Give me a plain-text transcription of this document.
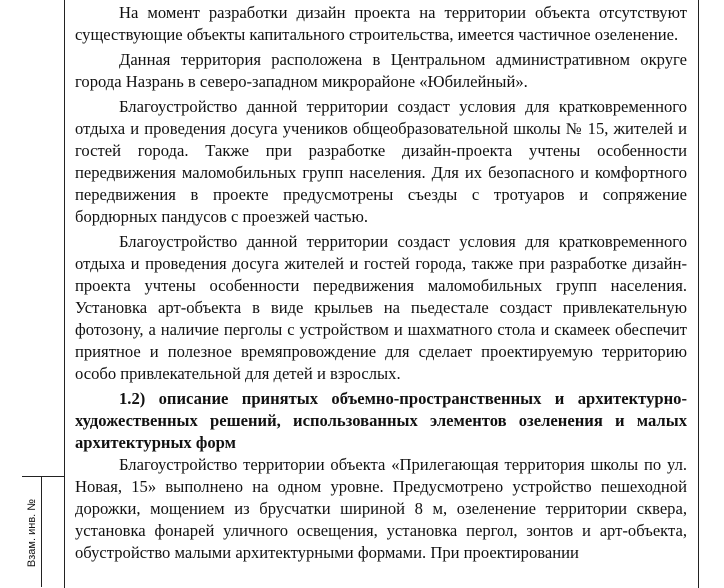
Взам. инв. №

На момент разработки дизайн проекта на территории объекта отсутствуют существующие объекты капитального строительства, имеется частичное озеленение.

Данная территория расположена в Центральном административном округе города Назрань в северо-западном микрорайоне «Юбилейный».

Благоустройство данной территории создаст условия для кратковременного отдыха и проведения досуга учеников общеобразовательной школы № 15, жителей и гостей города. Также при разработке дизайн-проекта учтены особенности передвижения маломобильных групп населения. Для их безопасного и комфортного передвижения в проекте предусмотрены съезды с тротуаров и сопряжение бордюрных пандусов с проезжей частью.

Благоустройство данной территории создаст условия для кратковременного отдыха и проведения досуга жителей и гостей города, также при разработке дизайн-проекта учтены особенности передвижения маломобильных групп населения. Установка арт-объекта в виде крыльев на пьедестале создаст привлекательную фотозону, а наличие перголы с устройством и шахматного стола и скамеек обеспечит приятное и полезное времяпровождение для сделает проектируемую территорию особо привлекательной для детей и взрослых.

1.2) описание принятых объемно-пространственных и архитектурно-художественных решений, использованных элементов озеленения и малых архитектурных форм

Благоустройство территории объекта «Прилегающая территория школы по ул. Новая, 15» выполнено на одном уровне. Предусмотрено устройство пешеходной дорожки, мощением из брусчатки шириной 8 м, озеленение территории сквера, установка фонарей уличного освещения, установка пергол, зонтов и арт-объекта, обустройство малыми архитектурными формами. При проектировании
